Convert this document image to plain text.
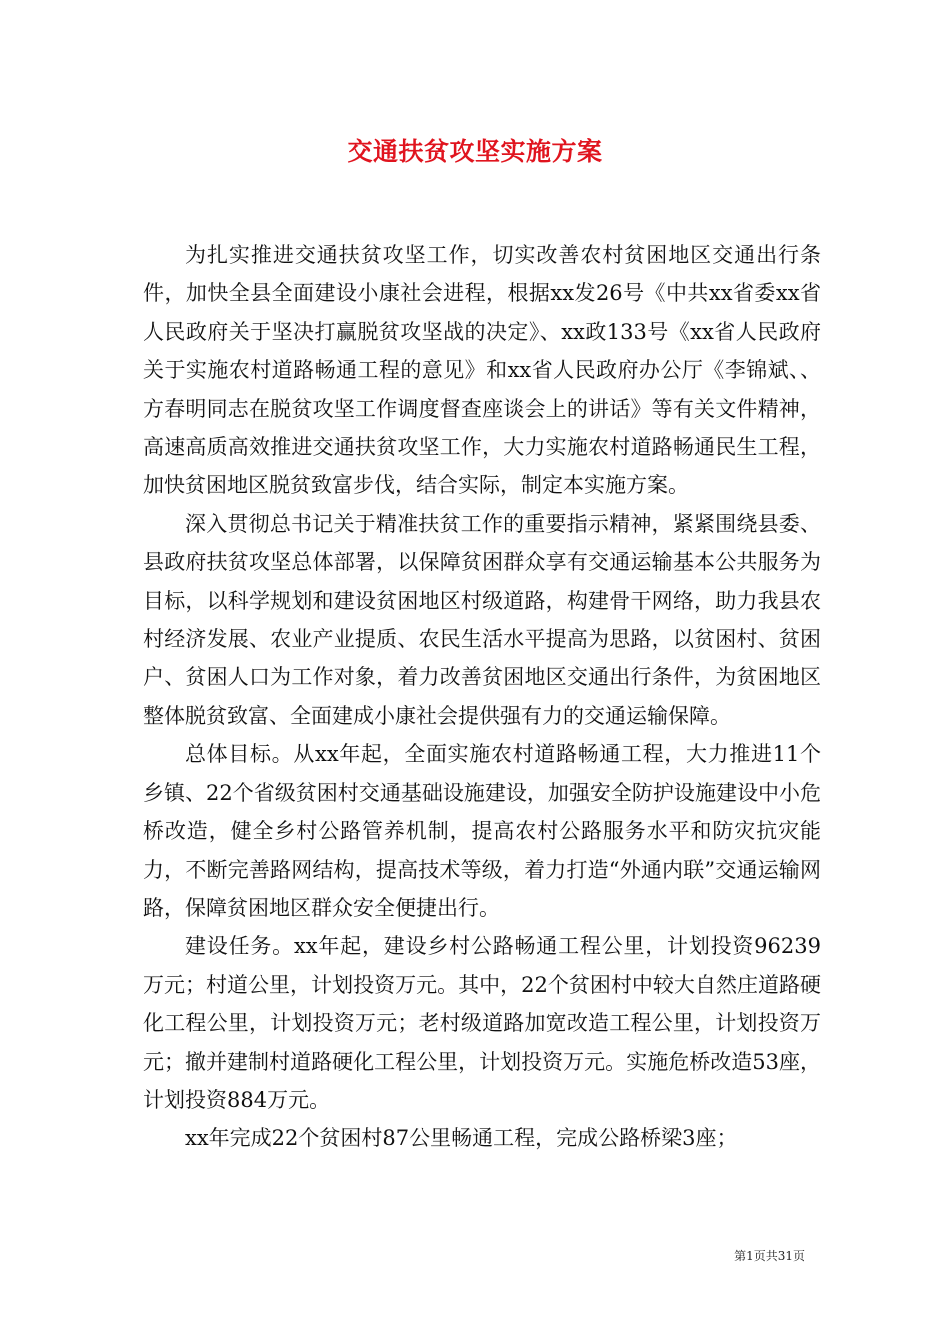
交通扶贫攻坚实施方案

为扎实推进交通扶贫攻坚工作，切实改善农村贫困地区交通出行条件，加快全县全面建设小康社会进程，根据xx发26号《中共xx省委xx省人民政府关于坚决打赢脱贫攻坚战的决定》、xx政133号《xx省人民政府关于实施农村道路畅通工程的意见》和xx省人民政府办公厅《李锦斌、、方春明同志在脱贫攻坚工作调度督查座谈会上的讲话》等有关文件精神，高速高质高效推进交通扶贫攻坚工作，大力实施农村道路畅通民生工程，加快贫困地区脱贫致富步伐，结合实际，制定本实施方案。

深入贯彻总书记关于精准扶贫工作的重要指示精神，紧紧围绕县委、县政府扶贫攻坚总体部署，以保障贫困群众享有交通运输基本公共服务为目标，以科学规划和建设贫困地区村级道路，构建骨干网络，助力我县农村经济发展、农业产业提质、农民生活水平提高为思路，以贫困村、贫困户、贫困人口为工作对象，着力改善贫困地区交通出行条件，为贫困地区整体脱贫致富、全面建成小康社会提供强有力的交通运输保障。

总体目标。从xx年起，全面实施农村道路畅通工程，大力推进11个乡镇、22个省级贫困村交通基础设施建设，加强安全防护设施建设中小危桥改造，健全乡村公路管养机制，提高农村公路服务水平和防灾抗灾能力，不断完善路网结构，提高技术等级，着力打造“外通内联”交通运输网路，保障贫困地区群众安全便捷出行。

建设任务。xx年起，建设乡村公路畅通工程公里，计划投资96239万元；村道公里，计划投资万元。其中，22个贫困村中较大自然庄道路硬化工程公里，计划投资万元；老村级道路加宽改造工程公里，计划投资万元；撤并建制村道路硬化工程公里，计划投资万元。实施危桥改造53座，计划投资884万元。

xx年完成22个贫困村87公里畅通工程，完成公路桥梁3座；

第1页共31页
